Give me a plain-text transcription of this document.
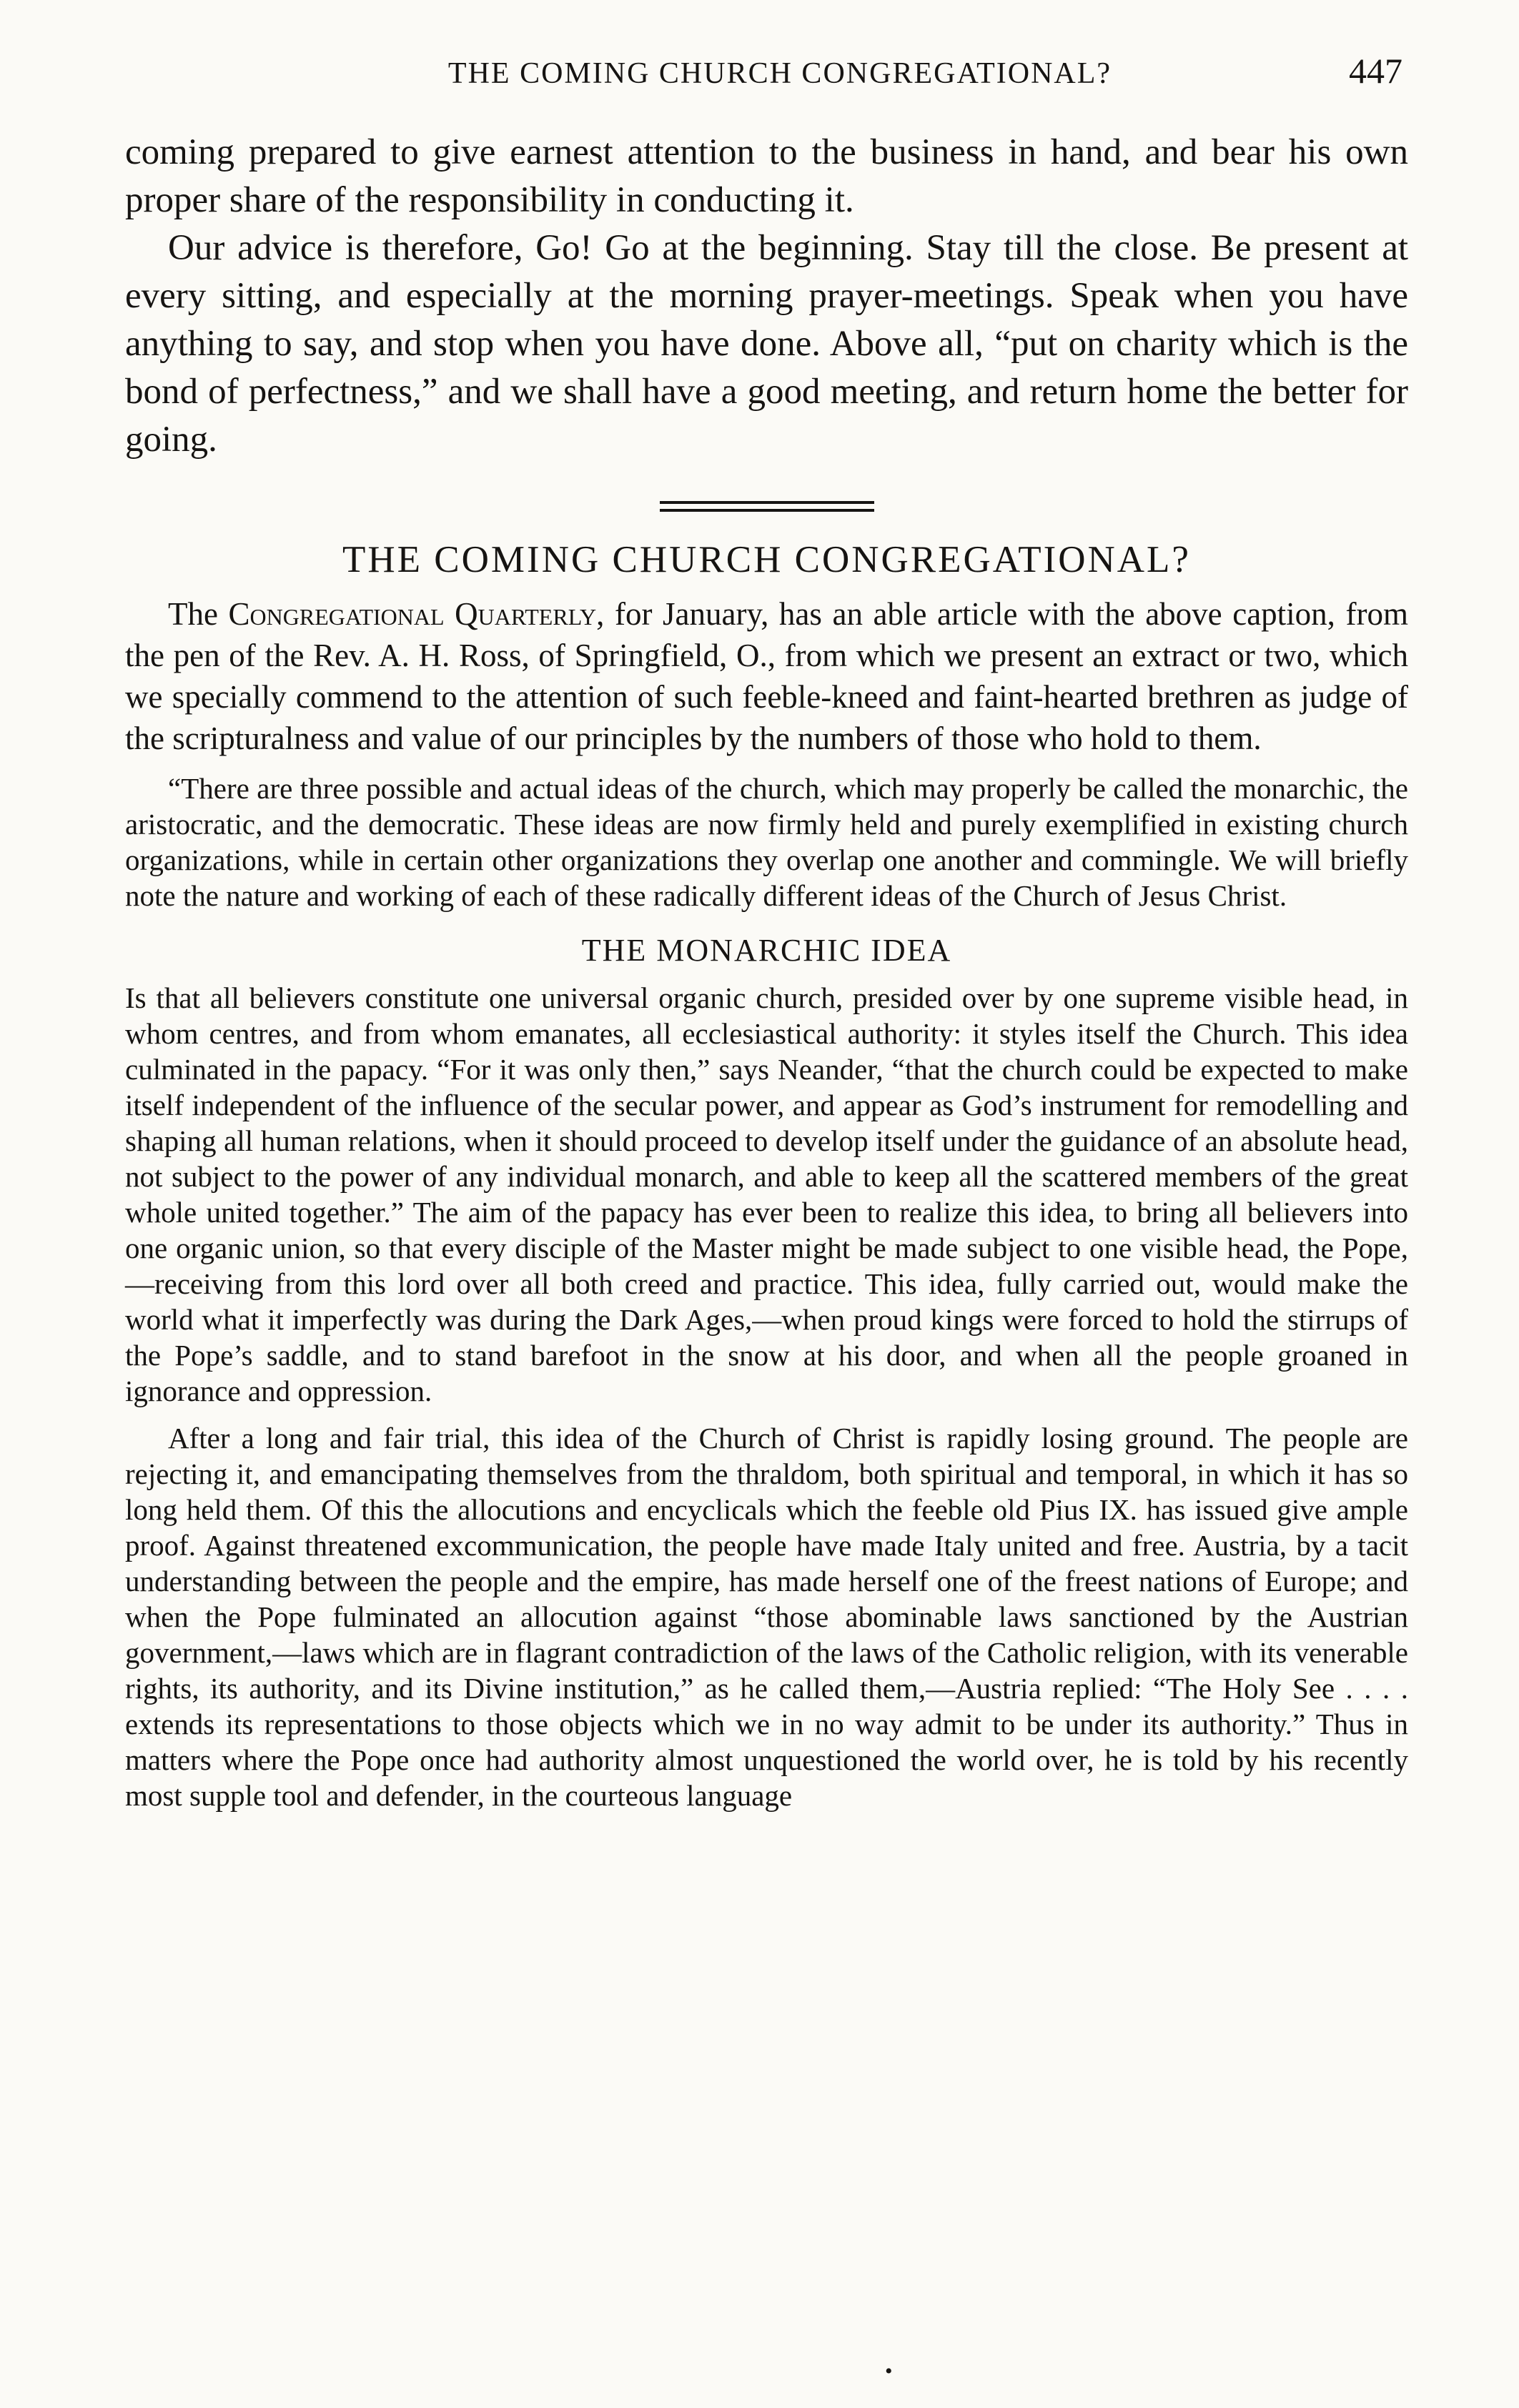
THE COMING CHURCH CONGREGATIONAL?	447

coming prepared to give earnest attention to the business in hand, and bear his own proper share of the responsibility in conducting it.

Our advice is therefore, Go! Go at the beginning. Stay till the close. Be present at every sitting, and especially at the morning prayer-meetings. Speak when you have anything to say, and stop when you have done. Above all, “put on charity which is the bond of perfectness,” and we shall have a good meeting, and return home the better for going.

THE COMING CHURCH CONGREGATIONAL?

The Congregational Quarterly, for January, has an able article with the above caption, from the pen of the Rev. A. H. Ross, of Springfield, O., from which we present an extract or two, which we specially commend to the attention of such feeble-kneed and faint-hearted brethren as judge of the scripturalness and value of our principles by the numbers of those who hold to them.

“There are three possible and actual ideas of the church, which may properly be called the monarchic, the aristocratic, and the democratic. These ideas are now firmly held and purely exemplified in existing church organizations, while in certain other organizations they overlap one another and commingle. We will briefly note the nature and working of each of these radically different ideas of the Church of Jesus Christ.

THE MONARCHIC IDEA

Is that all believers constitute one universal organic church, presided over by one supreme visible head, in whom centres, and from whom emanates, all ecclesiastical authority: it styles itself the Church. This idea culminated in the papacy. “For it was only then,” says Neander, “that the church could be expected to make itself independent of the influence of the secular power, and appear as God’s instrument for remodelling and shaping all human relations, when it should proceed to develop itself under the guidance of an absolute head, not subject to the power of any individual monarch, and able to keep all the scattered members of the great whole united together.” The aim of the papacy has ever been to realize this idea, to bring all believers into one organic union, so that every disciple of the Master might be made subject to one visible head, the Pope,—receiving from this lord over all both creed and practice. This idea, fully carried out, would make the world what it imperfectly was during the Dark Ages,—when proud kings were forced to hold the stirrups of the Pope’s saddle, and to stand barefoot in the snow at his door, and when all the people groaned in ignorance and oppression.

After a long and fair trial, this idea of the Church of Christ is rapidly losing ground. The people are rejecting it, and emancipating themselves from the thraldom, both spiritual and temporal, in which it has so long held them. Of this the allocutions and encyclicals which the feeble old Pius IX. has issued give ample proof. Against threatened excommunication, the people have made Italy united and free. Austria, by a tacit understanding between the people and the empire, has made herself one of the freest nations of Europe; and when the Pope fulminated an allocution against “those abominable laws sanctioned by the Austrian government,—laws which are in flagrant contradiction of the laws of the Catholic religion, with its venerable rights, its authority, and its Divine institution,” as he called them,—Austria replied: “The Holy See . . . . extends its representations to those objects which we in no way admit to be under its authority.” Thus in matters where the Pope once had authority almost unquestioned the world over, he is told by his recently most supple tool and defender, in the courteous language

•
